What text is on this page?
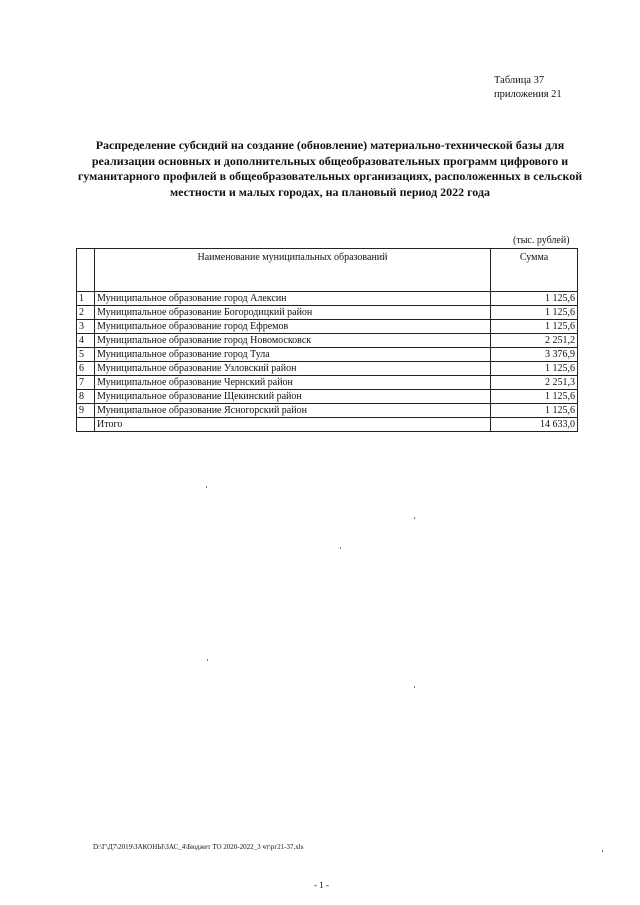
Таблица 37
приложения 21
Распределение субсидий на создание (обновление) материально-технической базы для реализации основных и дополнительных общеобразовательных программ цифрового и гуманитарного профилей в общеобразовательных организациях, расположенных в сельской местности и малых городах, на плановый период 2022 года
(тыс. рублей)
	Наименование муниципальных образований	Сумма
1	Муниципальное образование город Алексин	1 125,6
2	Муниципальное образование Богородицкий район	1 125,6
3	Муниципальное образование город Ефремов	1 125,6
4	Муниципальное образование город Новомосковск	2 251,2
5	Муниципальное образование город Тула	3 376,9
6	Муниципальное образование Узловский район	1 125,6
7	Муниципальное образование Чернский район	2 251,3
8	Муниципальное образование Щекинский район	1 125,6
9	Муниципальное образование Ясногорский район	1 125,6
	Итого	14 633,0
D:\Г\Д7\2019\ЗАКОНЫ\ЗАС_4\Бюджет ТО 2020-2022_3 чт\рг21-37.xls
- 1 -
